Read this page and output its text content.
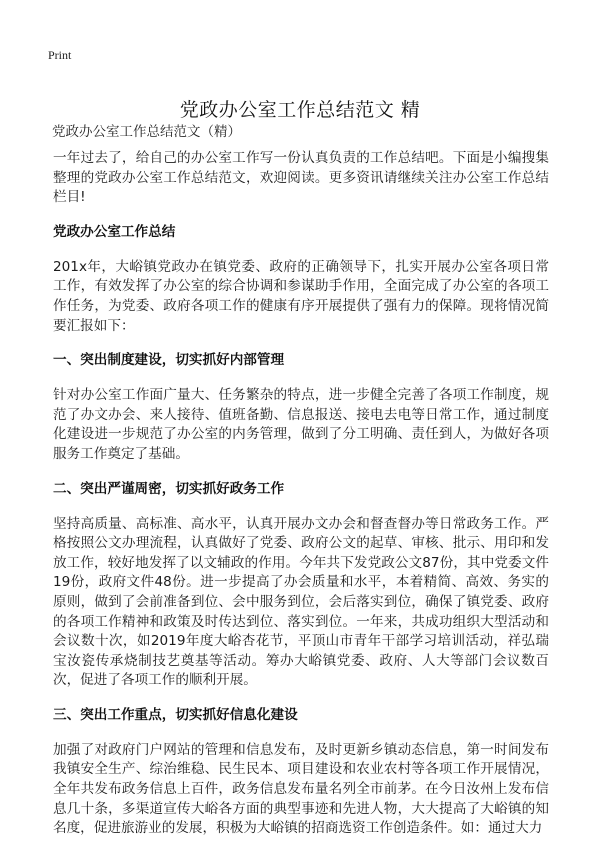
Print
党政办公室工作总结范文 精
党政办公室工作总结范文（精）

一年过去了，给自己的办公室工作写一份认真负责的工作总结吧。下面是小编搜集整理的党政办公室工作总结范文，欢迎阅读。更多资讯请继续关注办公室工作总结栏目!

党政办公室工作总结

201x年，大峪镇党政办在镇党委、政府的正确领导下，扎实开展办公室各项日常工作，有效发挥了办公室的综合协调和参谋助手作用，全面完成了办公室的各项工作任务，为党委、政府各项工作的健康有序开展提供了强有力的保障。现将情况简要汇报如下：

一、突出制度建设，切实抓好内部管理

针对办公室工作面广量大、任务繁杂的特点，进一步健全完善了各项工作制度，规范了办文办会、来人接待、值班备勤、信息报送、接电去电等日常工作，通过制度化建设进一步规范了办公室的内务管理，做到了分工明确、责任到人，为做好各项服务工作奠定了基础。

二、突出严谨周密，切实抓好政务工作

坚持高质量、高标准、高水平，认真开展办文办会和督查督办等日常政务工作。严格按照公文办理流程，认真做好了党委、政府公文的起草、审核、批示、用印和发放工作，较好地发挥了以文辅政的作用。今年共下发党政公文87份，其中党委文件19份，政府文件48份。进一步提高了办会质量和水平，本着精简、高效、务实的原则，做到了会前准备到位、会中服务到位，会后落实到位，确保了镇党委、政府的各项工作精神和政策及时传达到位、落实到位。一年来，共成功组织大型活动和会议数十次，如2019年度大峪杏花节，平顶山市青年干部学习培训活动，祥弘瑞宝汝瓷传承烧制技艺奠基等活动。筹办大峪镇党委、政府、人大等部门会议数百次，促进了各项工作的顺利开展。

三、突出工作重点，切实抓好信息化建设

加强了对政府门户网站的管理和信息发布，及时更新乡镇动态信息，第一时间发布我镇安全生产、综治维稳、民生民本、项目建设和农业农村等各项工作开展情况，全年共发布政务信息上百件，政务信息发布量名列全市前茅。在今日汝州上发布信息几十条，多渠道宣传大峪各方面的典型事迹和先进人物，大大提高了大峪镇的知名度，促进旅游业的发展，积极为大峪镇的招商选资工作创造条件。如：通过大力
